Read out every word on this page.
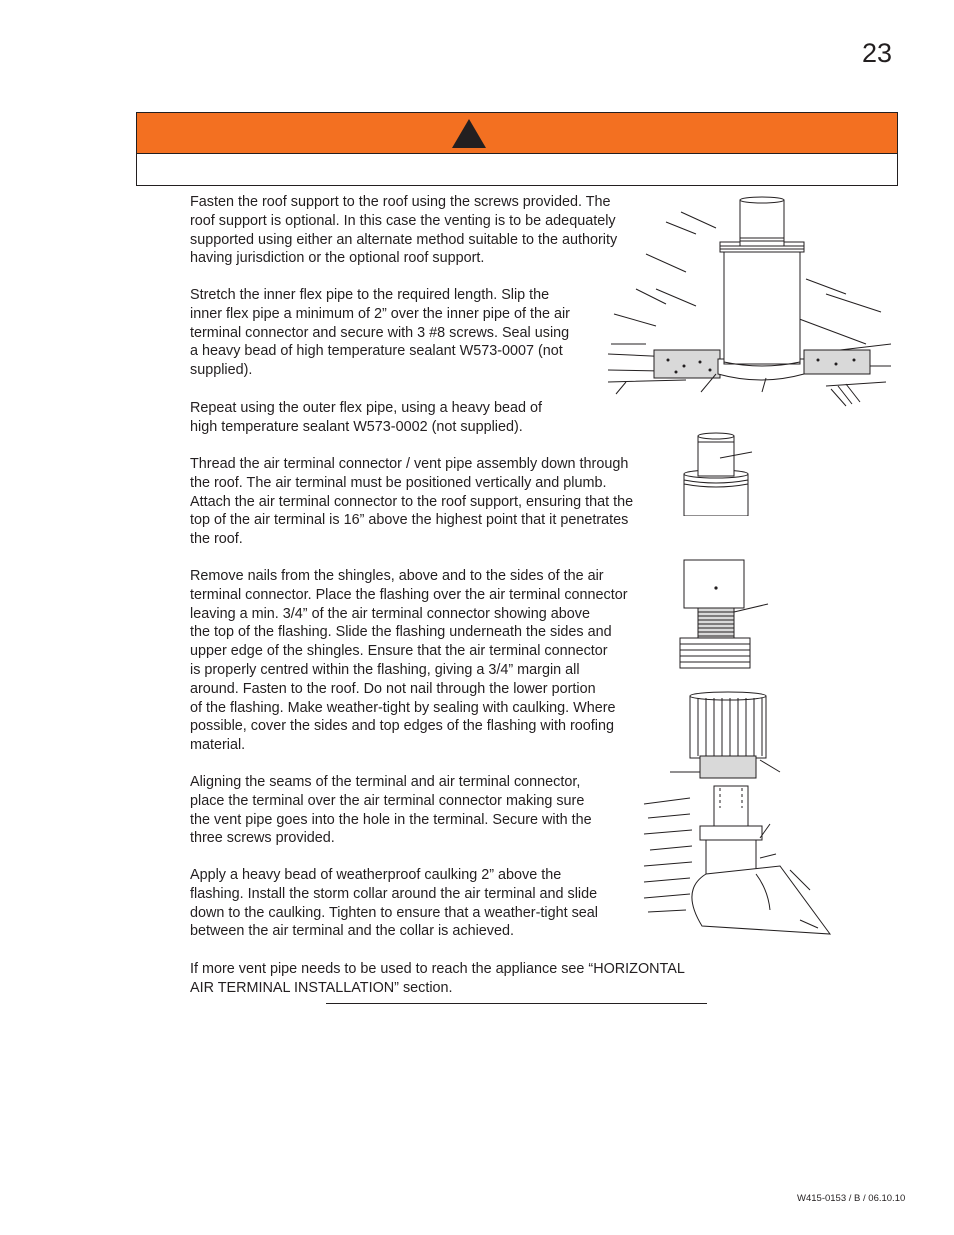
23

Fasten the roof support to the roof using the screws provided. The
roof support is optional. In this case the venting is to be adequately
supported using either an alternate method suitable to the authority
having jurisdiction or the optional roof support.

Stretch the inner flex pipe to the required length. Slip the
inner flex pipe a minimum of 2” over the inner pipe of the air
terminal connector and secure with 3 #8 screws. Seal using
a heavy bead of high temperature sealant W573-0007 (not
supplied).

Repeat using the outer flex pipe, using a heavy bead of
high temperature sealant W573-0002 (not supplied).

Thread the air terminal connector / vent pipe assembly down through
the roof. The air terminal must be positioned vertically and plumb.
Attach the air terminal connector to the roof support, ensuring that the
top of the air terminal is 16” above the highest point that it penetrates
the roof.

Remove nails from the shingles, above and to the sides of the air
terminal connector. Place the flashing over the air terminal connector
leaving a min. 3/4” of the air terminal connector showing above
the top of the flashing. Slide the flashing underneath the sides and
upper edge of the shingles. Ensure that the air terminal connector
is properly centred within the flashing, giving a 3/4” margin all
around. Fasten to the roof. Do not nail through the lower portion
of the flashing. Make weather-tight by sealing with caulking. Where
possible, cover the sides and top edges of the flashing with roofing
material.

Aligning the seams of the terminal and air terminal connector,
place the terminal over the air terminal connector making sure
the vent pipe goes into the hole in the terminal. Secure with the
three screws provided.

Apply a heavy bead of weatherproof caulking 2” above the
flashing. Install the storm collar around the air terminal and slide
down to the caulking. Tighten to ensure that a weather-tight seal
between the air terminal and the collar is achieved.

If more vent pipe needs to be used to reach the appliance see “HORIZONTAL
AIR TERMINAL INSTALLATION” section.

W415-0153 / B / 06.10.10
